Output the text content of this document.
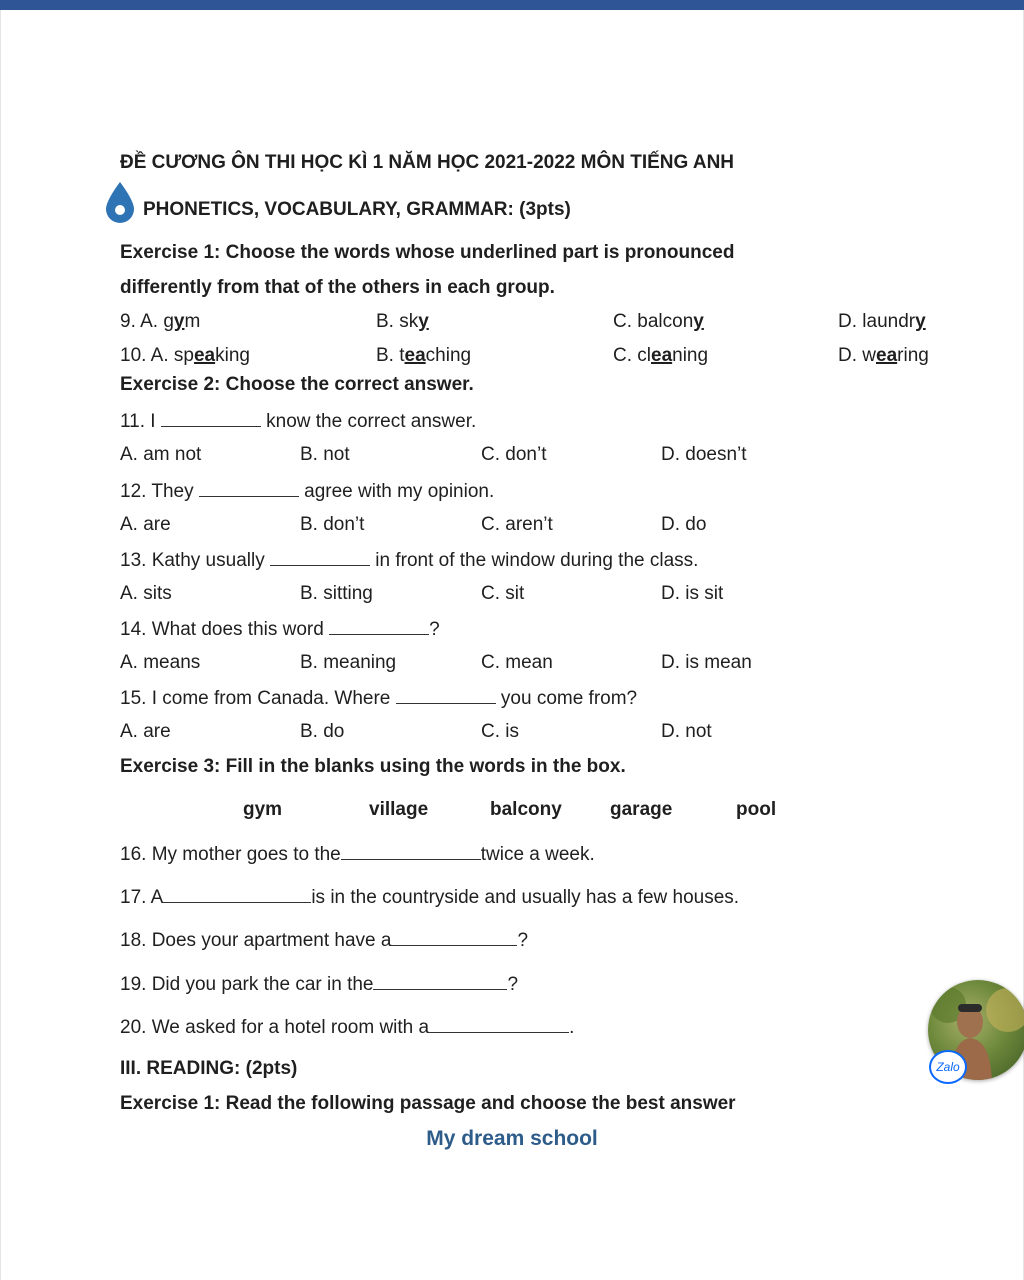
ĐỀ CƯƠNG ÔN THI HỌC KÌ 1 NĂM HỌC 2021-2022 MÔN TIẾNG ANH
PHONETICS, VOCABULARY, GRAMMAR: (3pts)
Exercise 1: Choose the words whose underlined part is pronounced
differently from that of the others in each group.
9. A. gym	B. sky	C. balcony	D. laundry
10. A. speaking	B. teaching	C. cleaning	D. wearing
Exercise 2: Choose the correct answer.
11. I	know the correct answer.
A. am not	B. not	C. don’t	D. doesn’t
12. They	agree with my opinion.
A. are	B. don’t	C. aren’t	D. do
13. Kathy usually	in front of the window during the class.
A. sits	B. sitting	C. sit	D. is sit
14. What does this word	?
A. means	B. meaning	C. mean	D. is mean
15. I come from Canada. Where	you come from?
A. are	B. do	C. is	D. not
Exercise 3: Fill in the blanks using the words in the box.
gym	village	balcony	garage	pool
16. My mother goes to the	twice a week.
17. A	is in the countryside and usually has a few houses.
18. Does your apartment have a	?
19. Did you park the car in the	?
20. We asked for a hotel room with a	.
III. READING: (2pts)
Exercise 1: Read the following passage and choose the best answer
My dream school
Zalo
